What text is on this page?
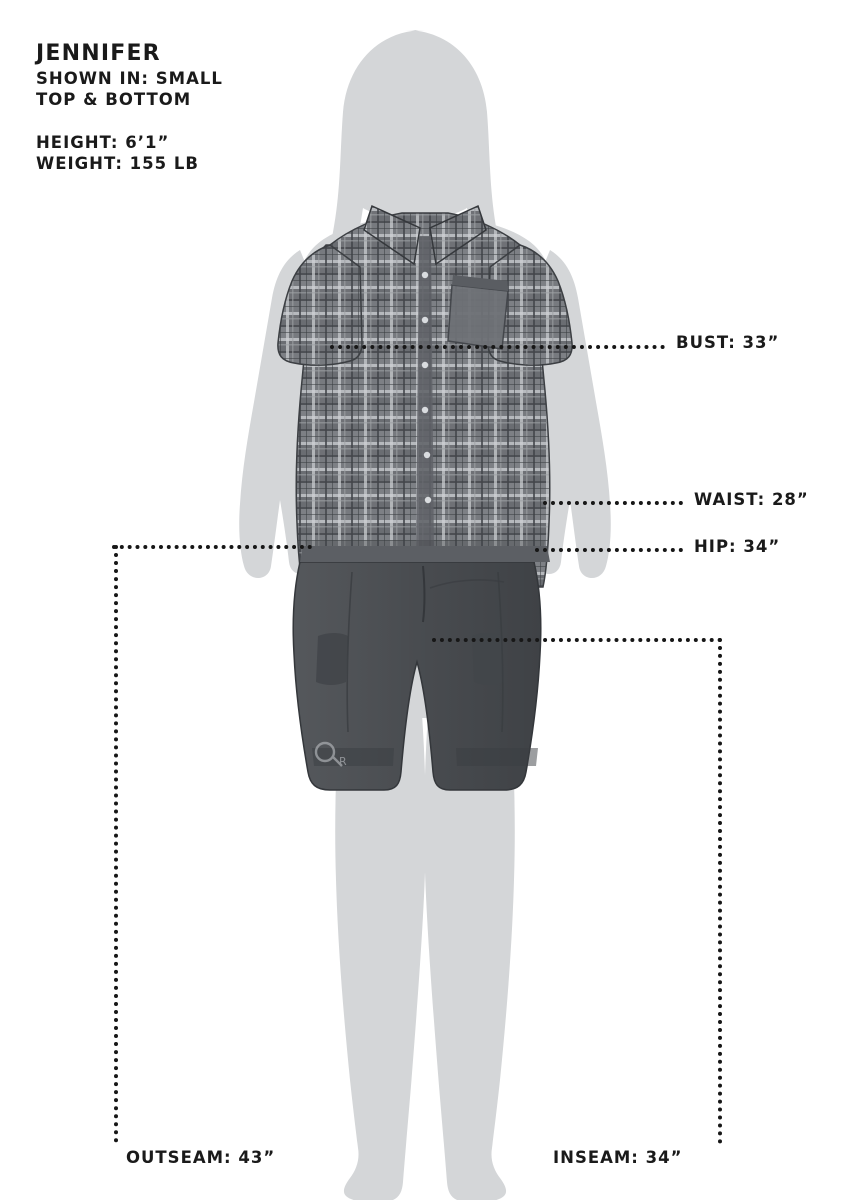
R

JENNIFER

SHOWN IN: SMALL

TOP & BOTTOM

HEIGHT: 6’1”

WEIGHT: 155 LB

BUST: 33”
WAIST: 28”
HIP: 34”
OUTSEAM: 43”	INSEAM: 34”
